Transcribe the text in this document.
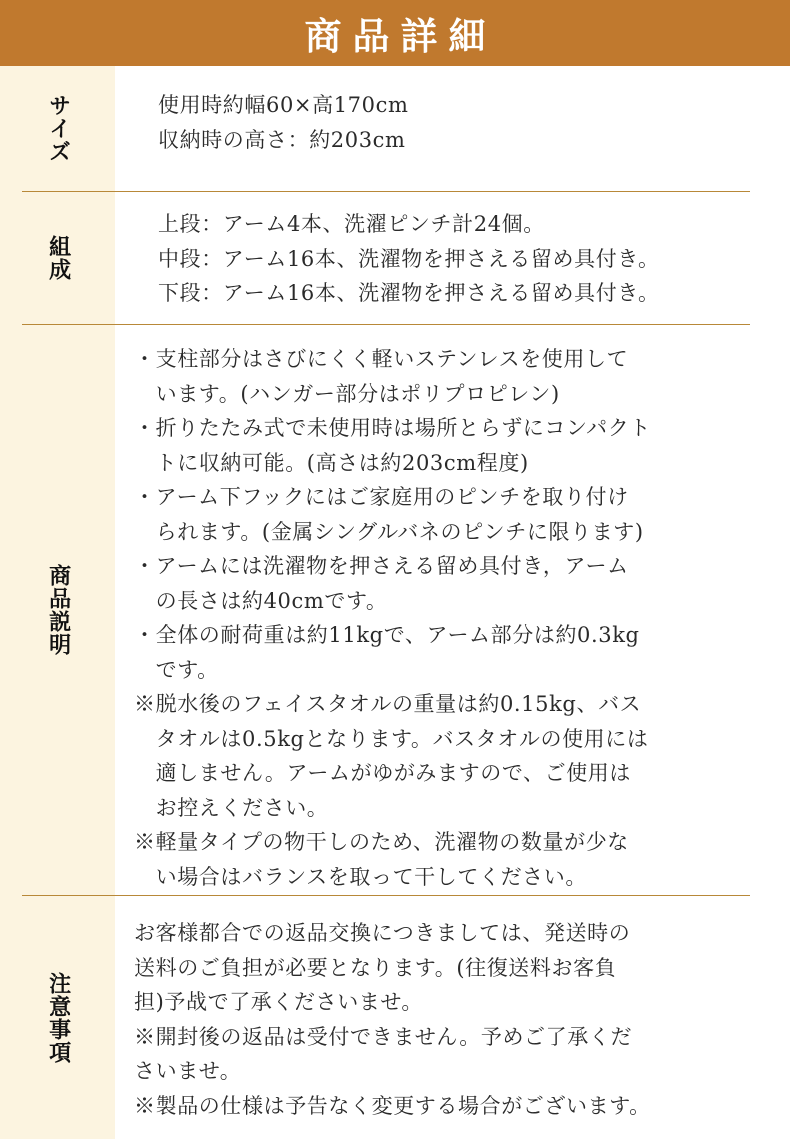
商品詳細
サイズ	使用時約幅60×高170cm
収納時の高さ：約203cm
組成
上段：アーム4本、洗濯ピンチ計24個。
中段：アーム16本、洗濯物を押さえる留め具付き。
下段：アーム16本、洗濯物を押さえる留め具付き。
商品説明
・支柱部分はさびにくく軽いステンレスを使用して
　います。(ハンガー部分はポリプロピレン)
・折りたたみ式で未使用時は場所とらずにコンパクト
　トに収納可能。(高さは約203cm程度)
・アーム下フックにはご家庭用のピンチを取り付け
　られます。(金属シングルバネのピンチに限ります)
・アームには洗濯物を押さえる留め具付き，アーム
　の長さは約40cmです。
・全体の耐荷重は約11kgで、アーム部分は約0.3kg
　です。
※脱水後のフェイスタオルの重量は約0.15kg、バス
　タオルは0.5kgとなります。バスタオルの使用には
　適しません。アームがゆがみますので、ご使用は
　お控えください。
※軽量タイプの物干しのため、洗濯物の数量が少な
　い場合はバランスを取って干してください。
注意事項
お客様都合での返品交換につきましては、発送時の
送料のご負担が必要となります。(往復送料お客負
担)予战で了承くださいませ。
※開封後の返品は受付できません。予めご了承くだ
さいませ。
※製品の仕様は予告なく変更する場合がございます。
